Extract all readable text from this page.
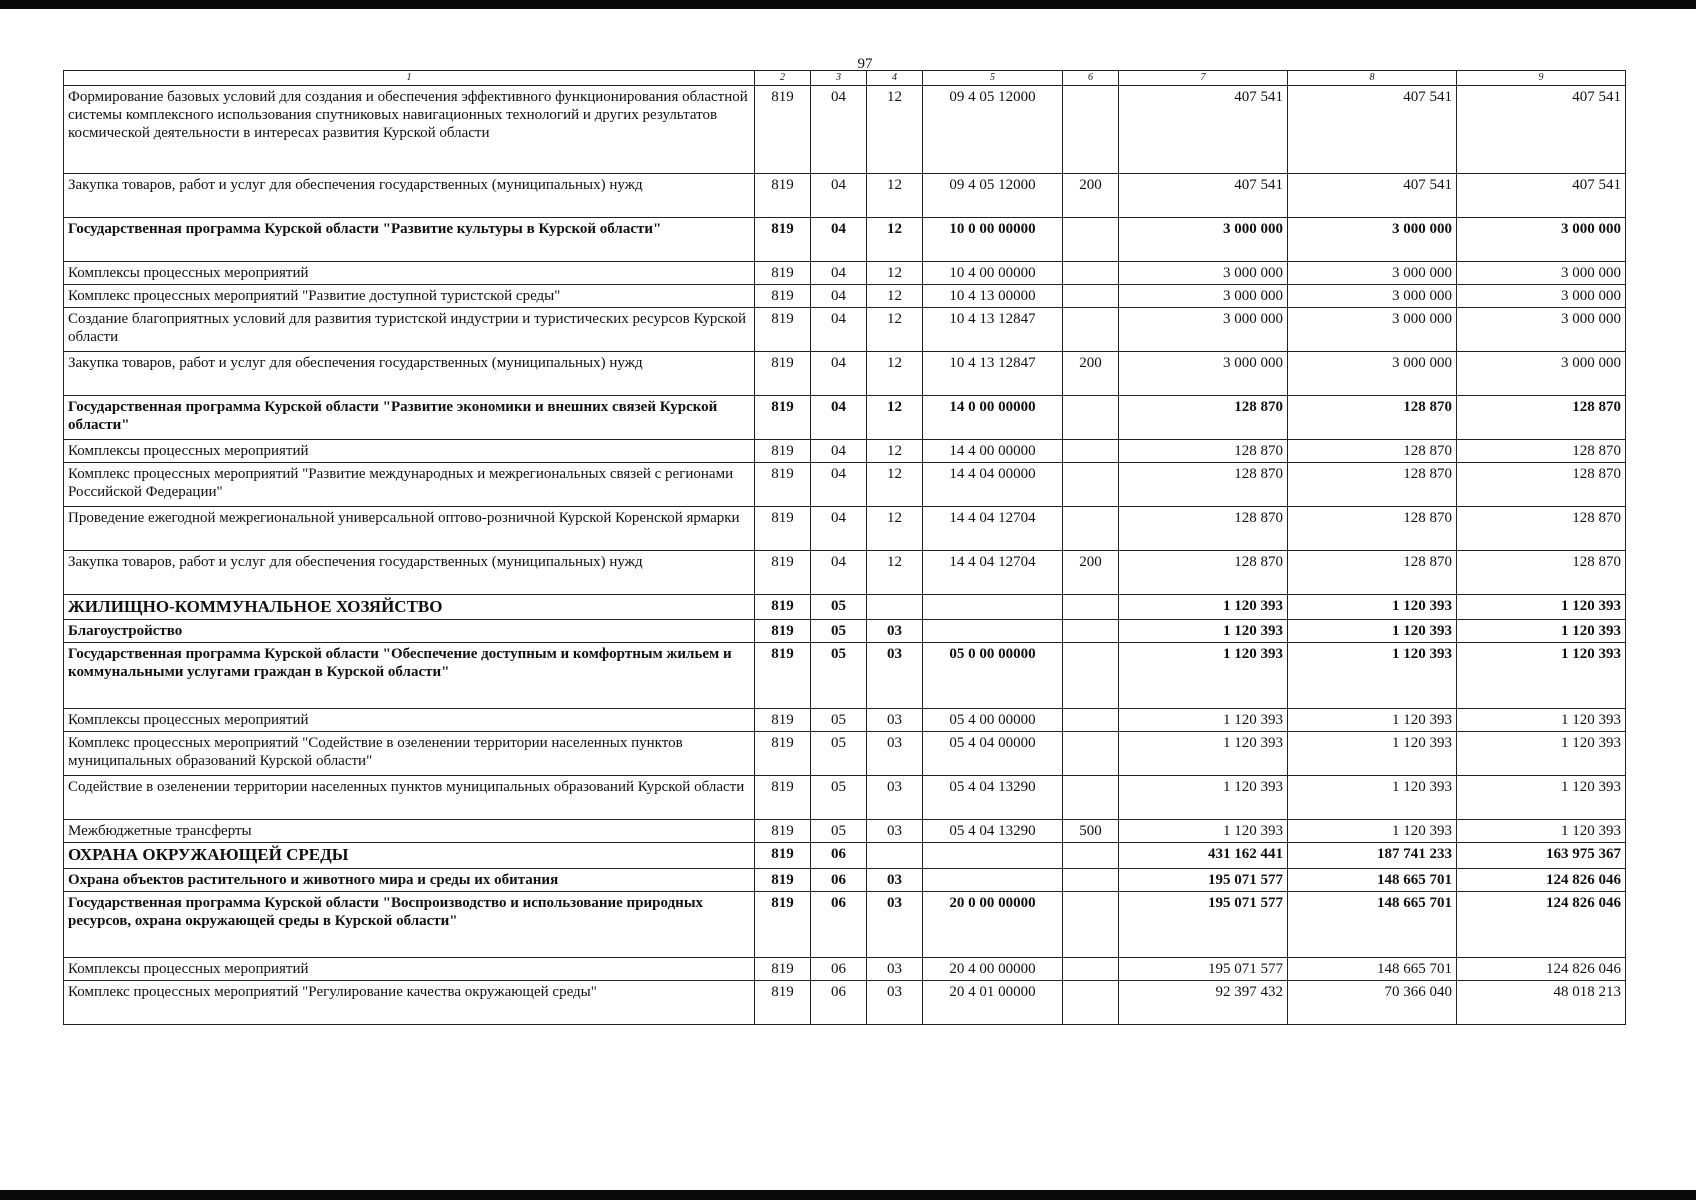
97
1	2	3	4	5	6	7	8	9
Формирование базовых условий для создания и обеспечения эффективного функционирования областной системы комплексного использования спутниковых навигационных технологий и других результатов космической деятельности в интересах развития Курской области	819	04	12	09 4 05 12000		407 541	407 541	407 541
Закупка товаров, работ и услуг для обеспечения государственных (муниципальных) нужд	819	04	12	09 4 05 12000	200	407 541	407 541	407 541
Государственная программа Курской области "Развитие культуры в Курской области"	819	04	12	10 0 00 00000		3 000 000	3 000 000	3 000 000
Комплексы процессных мероприятий	819	04	12	10 4 00 00000		3 000 000	3 000 000	3 000 000
Комплекс процессных мероприятий "Развитие доступной туристской среды"	819	04	12	10 4 13 00000		3 000 000	3 000 000	3 000 000
Создание благоприятных условий для развития туристской индустрии и туристических ресурсов Курской области	819	04	12	10 4 13 12847		3 000 000	3 000 000	3 000 000
Закупка товаров, работ и услуг для обеспечения государственных (муниципальных) нужд	819	04	12	10 4 13 12847	200	3 000 000	3 000 000	3 000 000
Государственная программа Курской области "Развитие экономики и внешних связей Курской области"	819	04	12	14 0 00 00000		128 870	128 870	128 870
Комплексы процессных мероприятий	819	04	12	14 4 00 00000		128 870	128 870	128 870
Комплекс процессных мероприятий "Развитие международных и межрегиональных связей с регионами Российской Федерации"	819	04	12	14 4 04 00000		128 870	128 870	128 870
Проведение ежегодной межрегиональной универсальной оптово-розничной Курской Коренской ярмарки	819	04	12	14 4 04 12704		128 870	128 870	128 870
Закупка товаров, работ и услуг для обеспечения государственных (муниципальных) нужд	819	04	12	14 4 04 12704	200	128 870	128 870	128 870
ЖИЛИЩНО-КОММУНАЛЬНОЕ ХОЗЯЙСТВО	819	05				1 120 393	1 120 393	1 120 393
Благоустройство	819	05	03			1 120 393	1 120 393	1 120 393
Государственная программа Курской области "Обеспечение доступным и комфортным жильем и коммунальными услугами граждан в Курской области"	819	05	03	05 0 00 00000		1 120 393	1 120 393	1 120 393
Комплексы процессных мероприятий	819	05	03	05 4 00 00000		1 120 393	1 120 393	1 120 393
Комплекс процессных мероприятий "Содействие в озеленении территории населенных пунктов муниципальных образований Курской области"	819	05	03	05 4 04 00000		1 120 393	1 120 393	1 120 393
Содействие в озеленении территории населенных пунктов муниципальных образований Курской области	819	05	03	05 4 04 13290		1 120 393	1 120 393	1 120 393
Межбюджетные трансферты	819	05	03	05 4 04 13290	500	1 120 393	1 120 393	1 120 393
ОХРАНА ОКРУЖАЮЩЕЙ СРЕДЫ	819	06				431 162 441	187 741 233	163 975 367
Охрана объектов растительного и животного мира и среды их обитания	819	06	03			195 071 577	148 665 701	124 826 046
Государственная программа Курской области "Воспроизводство и использование природных ресурсов, охрана окружающей среды в Курской области"	819	06	03	20 0 00 00000		195 071 577	148 665 701	124 826 046
Комплексы процессных мероприятий	819	06	03	20 4 00 00000		195 071 577	148 665 701	124 826 046
Комплекс процессных мероприятий "Регулирование качества окружающей среды"	819	06	03	20 4 01 00000		92 397 432	70 366 040	48 018 213
